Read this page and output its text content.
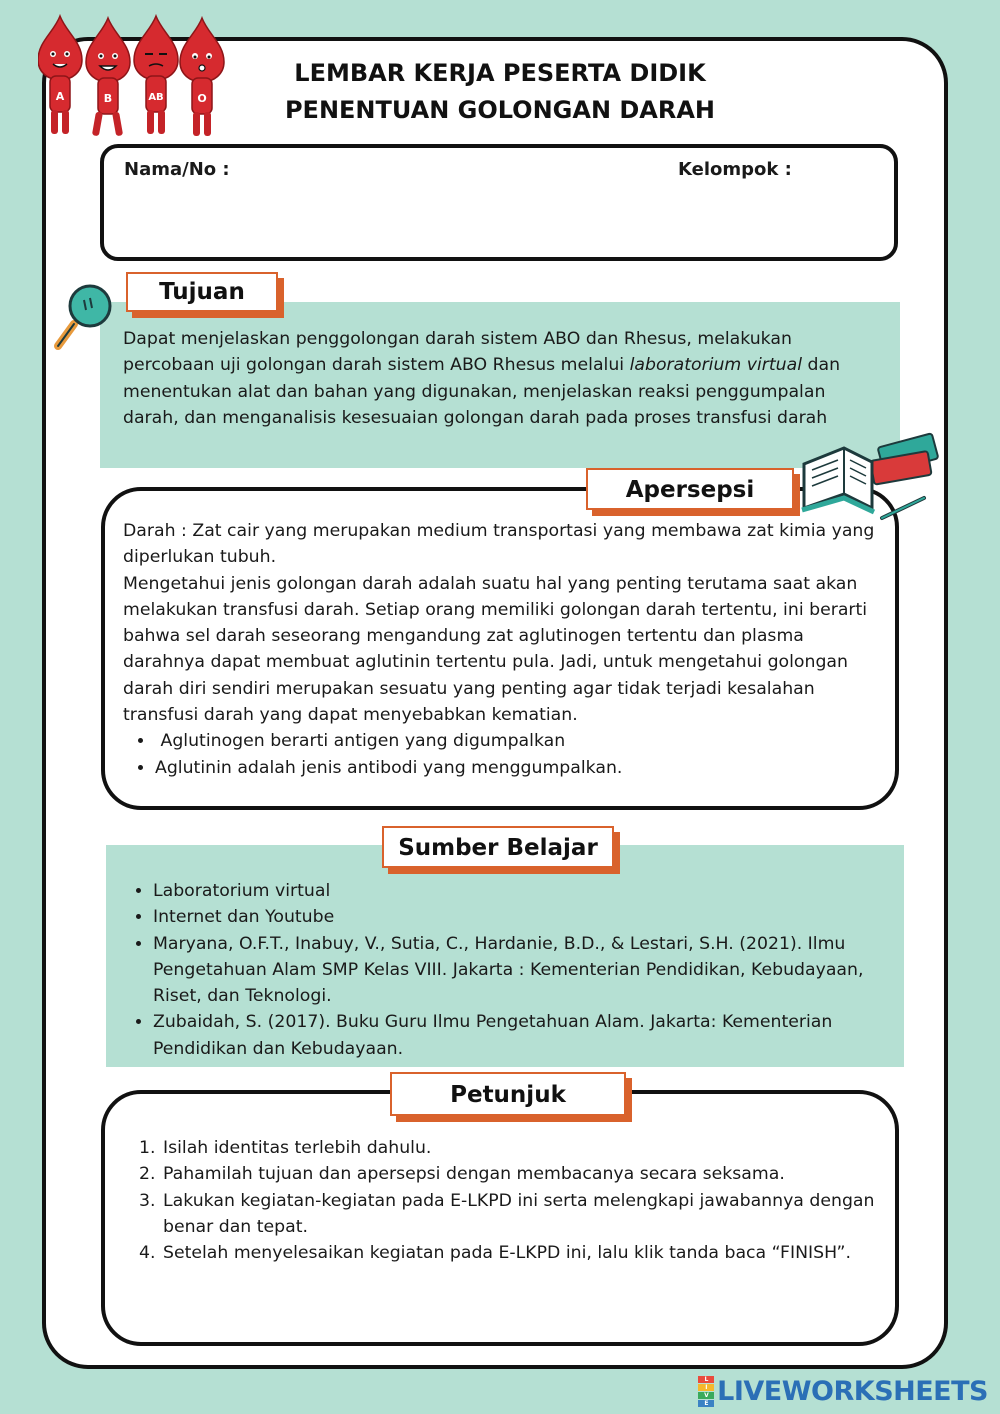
A	B	AB	O
LEMBAR KERJA PESERTA DIDIK
PENENTUAN GOLONGAN DARAH
Nama/No :	Kelompok :
Tujuan

Dapat menjelaskan penggolongan darah sistem ABO dan Rhesus, melakukan percobaan uji golongan darah sistem ABO Rhesus melalui laboratorium virtual dan menentukan alat dan bahan yang digunakan, menjelaskan reaksi penggumpalan darah, dan menganalisis kesesuaian golongan darah pada proses transfusi darah

Apersepsi

Darah : Zat cair yang merupakan medium transportasi yang membawa zat kimia yang diperlukan tubuh.

Mengetahui jenis golongan darah adalah suatu hal yang penting terutama saat akan melakukan transfusi darah. Setiap orang memiliki golongan darah tertentu, ini berarti bahwa sel darah seseorang mengandung zat aglutinogen tertentu dan plasma darahnya dapat membuat aglutinin tertentu pula. Jadi, untuk mengetahui golongan darah diri sendiri merupakan sesuatu yang penting agar tidak terjadi kesalahan transfusi darah yang dapat menyebabkan kematian.

•  Aglutinogen berarti antigen yang digumpalkan
• Aglutinin adalah jenis antibodi yang menggumpalkan.
Sumber Belajar
• Laboratorium virtual
• Internet dan Youtube
• Maryana, O.F.T., Inabuy, V., Sutia, C., Hardanie, B.D., & Lestari, S.H. (2021). Ilmu Pengetahuan Alam SMP Kelas VIII. Jakarta : Kementerian Pendidikan, Kebudayaan, Riset, dan Teknologi.
• Zubaidah, S. (2017). Buku Guru Ilmu Pengetahuan Alam. Jakarta: Kementerian Pendidikan dan Kebudayaan.
Petunjuk
1. Isilah identitas terlebih dahulu.
2. Pahamilah tujuan dan apersepsi dengan membacanya secara seksama.
3. Lakukan kegiatan-kegiatan pada E-LKPD ini serta melengkapi jawabannya dengan benar dan tepat.
4. Setelah menyelesaikan kegiatan pada E-LKPD ini, lalu klik tanda baca “FINISH”.
L
I
V
E LIVEWORKSHEETS
